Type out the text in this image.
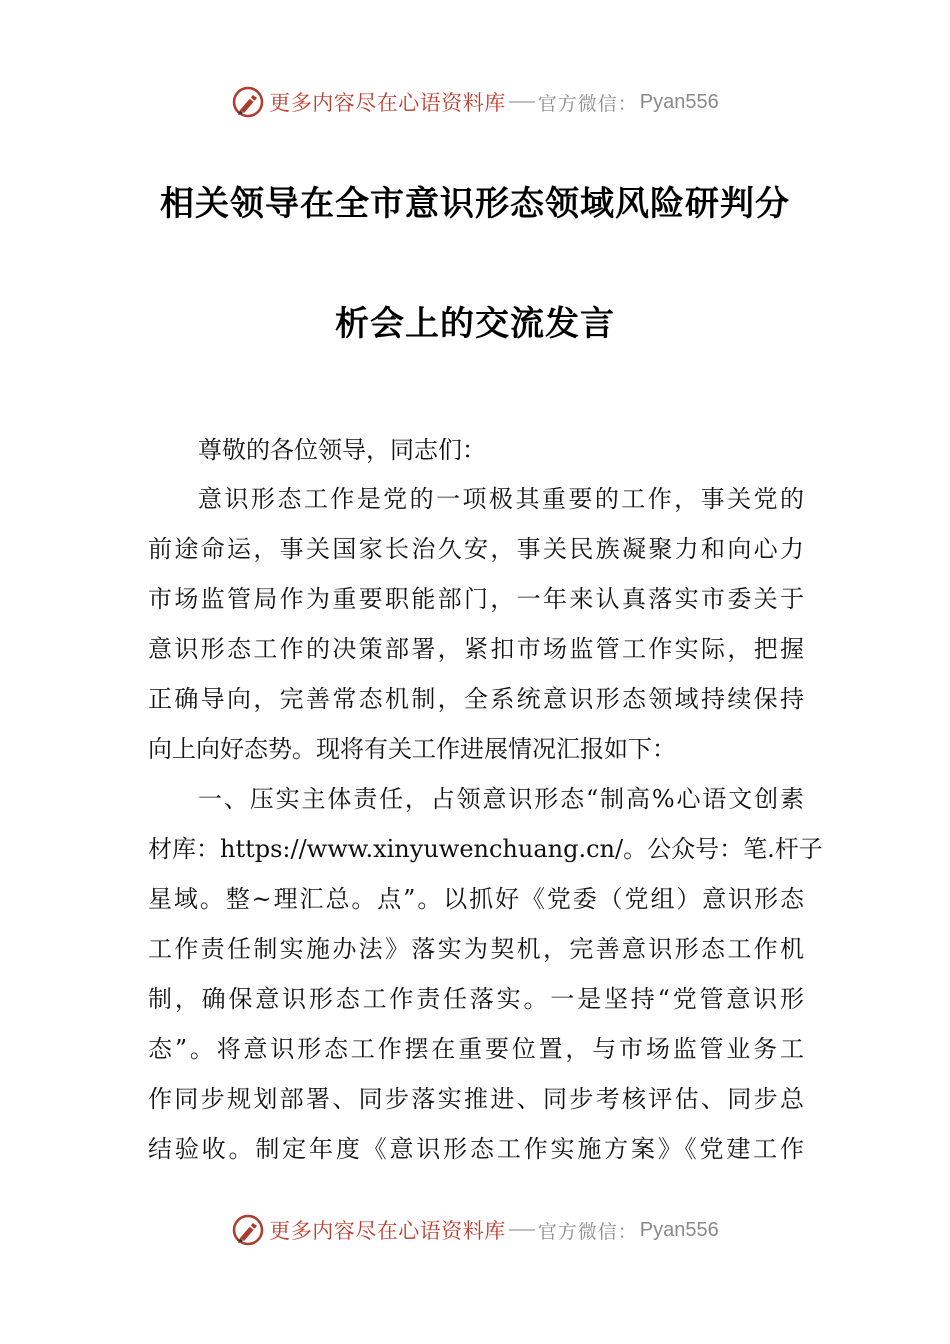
更多内容尽在心语资料库 官方微信： Pyan556
相关领导在全市意识形态领域风险研判分
析会上的交流发言
尊敬的各位领导，同志们：
意识形态工作是党的一项极其重要的工作，事关党的
前途命运，事关国家长治久安，事关民族凝聚力和向心力
市场监管局作为重要职能部门，一年来认真落实市委关于
意识形态工作的决策部署，紧扣市场监管工作实际，把握
正确导向，完善常态机制，全系统意识形态领域持续保持
向上向好态势。现将有关工作进展情况汇报如下：
一、压实主体责任，占领意识形态“制高%心语文创素
材库：https://www.xinyuwenchuang.cn/。公众号：笔.杆子
星域。整~理汇总。点”。以抓好《党委（党组）意识形态
工作责任制实施办法》落实为契机，完善意识形态工作机
制，确保意识形态工作责任落实。一是坚持“党管意识形
态”。将意识形态工作摆在重要位置，与市场监管业务工
作同步规划部署、同步落实推进、同步考核评估、同步总
结验收。制定年度《意识形态工作实施方案》《党建工作
更多内容尽在心语资料库 官方微信： Pyan556
